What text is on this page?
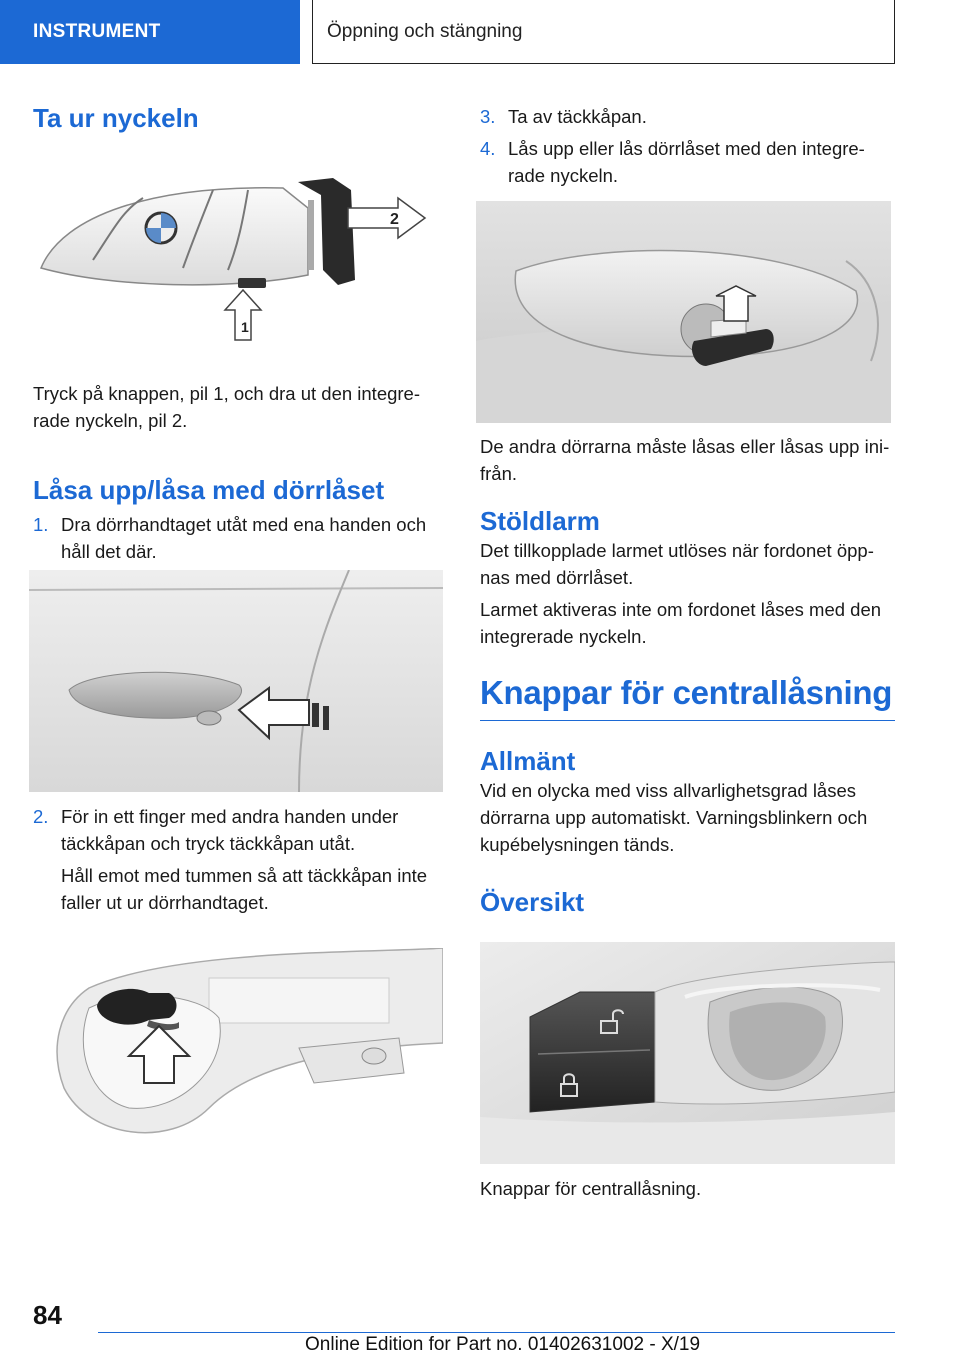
INSTRUMENT	Öppning och stängning
Ta ur nyckeln
2
1

Tryck på knappen, pil 1, och dra ut den integre-rade nyckeln, pil 2.

Låsa upp/låsa med dörrlåset
1. Dra dörrhandtaget utåt med ena handen och håll det där.
2. För in ett finger med andra handen under täckkåpan och tryck täckkåpan utåt.
Håll emot med tummen så att täckkåpan inte faller ut ur dörrhandtaget.
3. Ta av täckkåpan.
4. Lås upp eller lås dörrlåset med den integre-rade nyckeln.

De andra dörrarna måste låsas eller låsas upp ini-från.

Stöldlarm

Det tillkopplade larmet utlöses när fordonet öpp-nas med dörrlåset.

Larmet aktiveras inte om fordonet låses med den integrerade nyckeln.

Knappar för centrallåsning
Allmänt

Vid en olycka med viss allvarlighetsgrad låses dörrarna upp automatiskt. Varningsblinkern och kupébelysningen tänds.

Översikt

Knappar för centrallåsning.

84
Online Edition for Part no. 01402631002 - X/19
